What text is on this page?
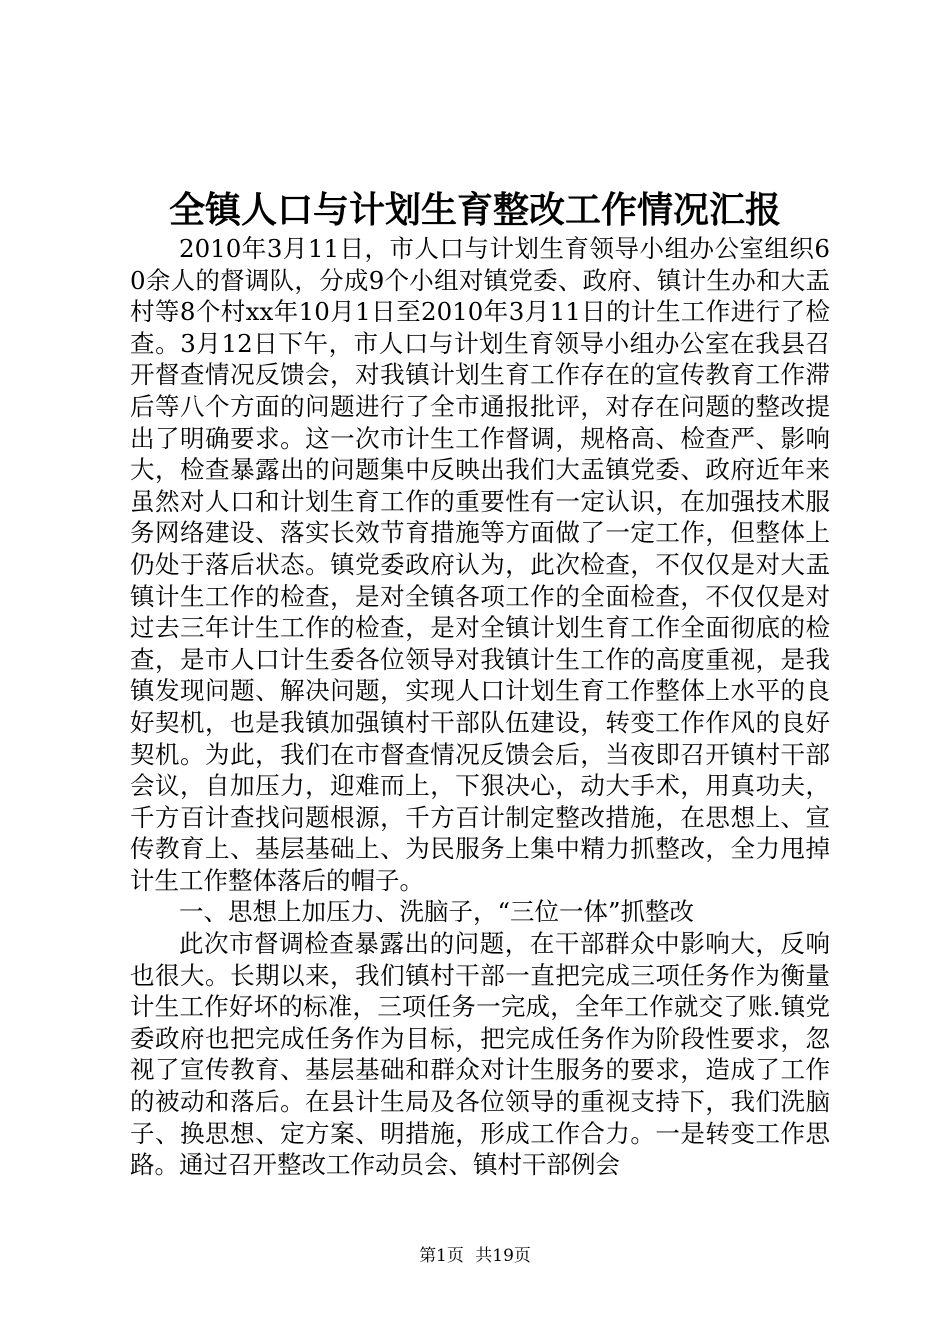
全镇人口与计划生育整改工作情况汇报

2010年3月11日，市人口与计划生育领导小组办公室组织60余人的督调队，分成9个小组对镇党委、政府、镇计生办和大盂村等8个村xx年10月1日至2010年3月11日的计生工作进行了检查。3月12日下午，市人口与计划生育领导小组办公室在我县召开督查情况反馈会，对我镇计划生育工作存在的宣传教育工作滞后等八个方面的问题进行了全市通报批评，对存在问题的整改提出了明确要求。这一次市计生工作督调，规格高、检查严、影响大，检查暴露出的问题集中反映出我们大盂镇党委、政府近年来虽然对人口和计划生育工作的重要性有一定认识，在加强技术服务网络建设、落实长效节育措施等方面做了一定工作，但整体上仍处于落后状态。镇党委政府认为，此次检查，不仅仅是对大盂镇计生工作的检查，是对全镇各项工作的全面检查，不仅仅是对过去三年计生工作的检查，是对全镇计划生育工作全面彻底的检查，是市人口计生委各位领导对我镇计生工作的高度重视，是我镇发现问题、解决问题，实现人口计划生育工作整体上水平的良好契机，也是我镇加强镇村干部队伍建设，转变工作作风的良好契机。为此，我们在市督查情况反馈会后，当夜即召开镇村干部会议，自加压力，迎难而上，下狠决心，动大手术，用真功夫，千方百计查找问题根源，千方百计制定整改措施，在思想上、宣传教育上、基层基础上、为民服务上集中精力抓整改，全力甩掉计生工作整体落后的帽子。

一、思想上加压力、洗脑子，“三位一体”抓整改

此次市督调检查暴露出的问题，在干部群众中影响大，反响也很大。长期以来，我们镇村干部一直把完成三项任务作为衡量计生工作好坏的标准，三项任务一完成，全年工作就交了账.镇党委政府也把完成任务作为目标，把完成任务作为阶段性要求，忽视了宣传教育、基层基础和群众对计生服务的要求，造成了工作的被动和落后。在县计生局及各位领导的重视支持下，我们洗脑子、换思想、定方案、明措施，形成工作合力。一是转变工作思路。通过召开整改工作动员会、镇村干部例会

第1页 共19页
